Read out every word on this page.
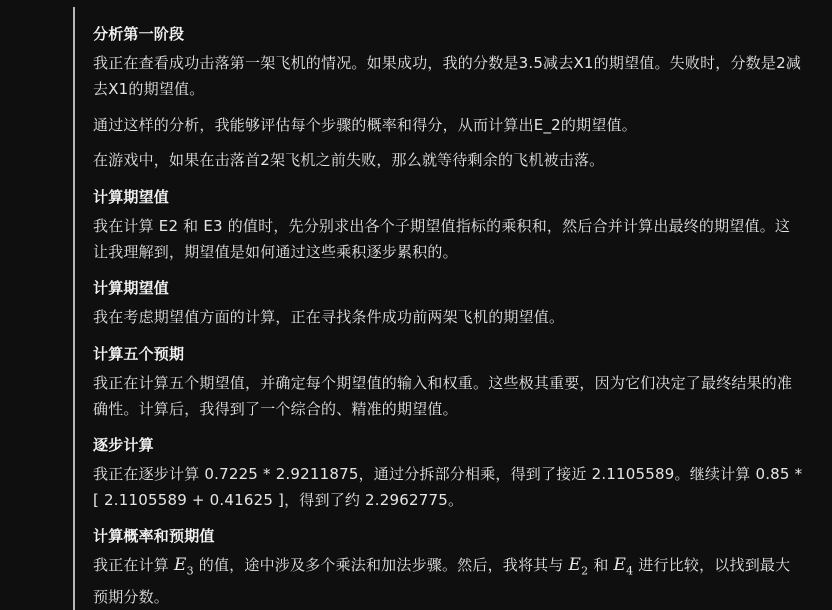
分析第一阶段

我正在查看成功击落第一架飞机的情况。如果成功，我的分数是3.5减去X1的期望值。失败时，分数是2减去X1的期望值。

通过这样的分析，我能够评估每个步骤的概率和得分，从而计算出E_2的期望值。

在游戏中，如果在击落首2架飞机之前失败，那么就等待剩余的飞机被击落。

计算期望值

我在计算 E2 和 E3 的值时，先分别求出各个子期望值指标的乘积和，然后合并计算出最终的期望值。这让我理解到，期望值是如何通过这些乘积逐步累积的。

计算期望值

我在考虑期望值方面的计算，正在寻找条件成功前两架飞机的期望值。

计算五个预期

我正在计算五个期望值，并确定每个期望值的输入和权重。这些极其重要，因为它们决定了最终结果的准确性。计算后，我得到了一个综合的、精准的期望值。

逐步计算

我正在逐步计算 0.7225 * 2.9211875，通过分拆部分相乘，得到了接近 2.1105589。继续计算 0.85 * [ 2.1105589 + 0.41625 ]，得到了约 2.2962775。

计算概率和预期值

我正在计算 $E_3$ 的值，途中涉及多个乘法和加法步骤。然后，我将其与 $E_2$ 和 $E_4$ 进行比较，以找到最大预期分数。
